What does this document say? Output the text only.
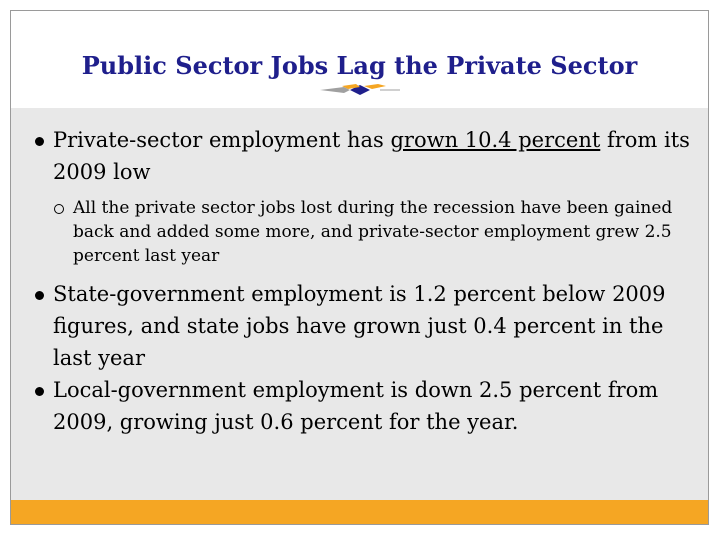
Public Sector Jobs Lag the Private Sector
Private-sector employment has grown 10.4 percent from its 2009 low
All the private sector jobs lost during the recession have been gained back and added some more, and private-sector employment grew 2.5 percent last year
State-government employment is 1.2 percent below 2009 figures, and state jobs have grown just 0.4 percent in the last year
Local-government employment is down 2.5 percent from 2009, growing just 0.6 percent for the year.
